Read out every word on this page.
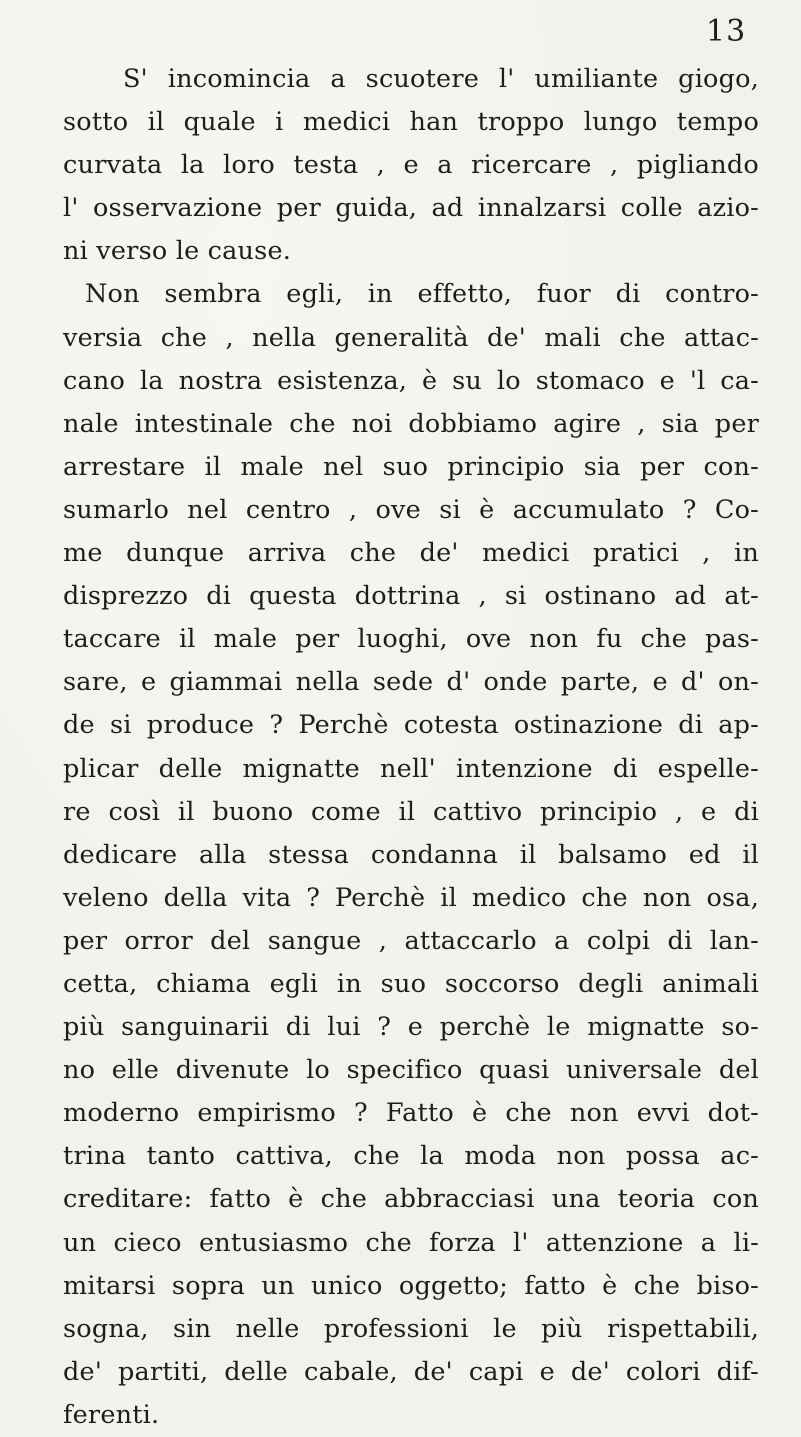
13
S' incomincia a scuotere l' umiliante giogo,
sotto il quale i medici han troppo lungo tempo
curvata la loro testa , e a ricercare , pigliando
l' osservazione per guida, ad innalzarsi colle azio-
ni verso le cause.
Non sembra egli, in effetto, fuor di contro-
versia che , nella generalità de' mali che attac-
cano la nostra esistenza, è su lo stomaco e 'l ca-
nale intestinale che noi dobbiamo agire , sia per
arrestare il male nel suo principio sia per con-
sumarlo nel centro , ove si è accumulato ? Co-
me dunque arriva che de' medici pratici , in
disprezzo di questa dottrina , si ostinano ad at-
taccare il male per luoghi, ove non fu che pas-
sare, e giammai nella sede d' onde parte, e d' on-
de si produce ? Perchè cotesta ostinazione di ap-
plicar delle mignatte nell' intenzione di espelle-
re così il buono come il cattivo principio , e di
dedicare alla stessa condanna il balsamo ed il
veleno della vita ? Perchè il medico che non osa,
per orror del sangue , attaccarlo a colpi di lan-
cetta, chiama egli in suo soccorso degli animali
più sanguinarii di lui ? e perchè le mignatte so-
no elle divenute lo specifico quasi universale del
moderno empirismo ? Fatto è che non evvi dot-
trina tanto cattiva, che la moda non possa ac-
creditare: fatto è che abbracciasi una teoria con
un cieco entusiasmo che forza l' attenzione a li-
mitarsi sopra un unico oggetto; fatto è che biso-
sogna, sin nelle professioni le più rispettabili,
de' partiti, delle cabale, de' capi e de' colori dif-
ferenti.
